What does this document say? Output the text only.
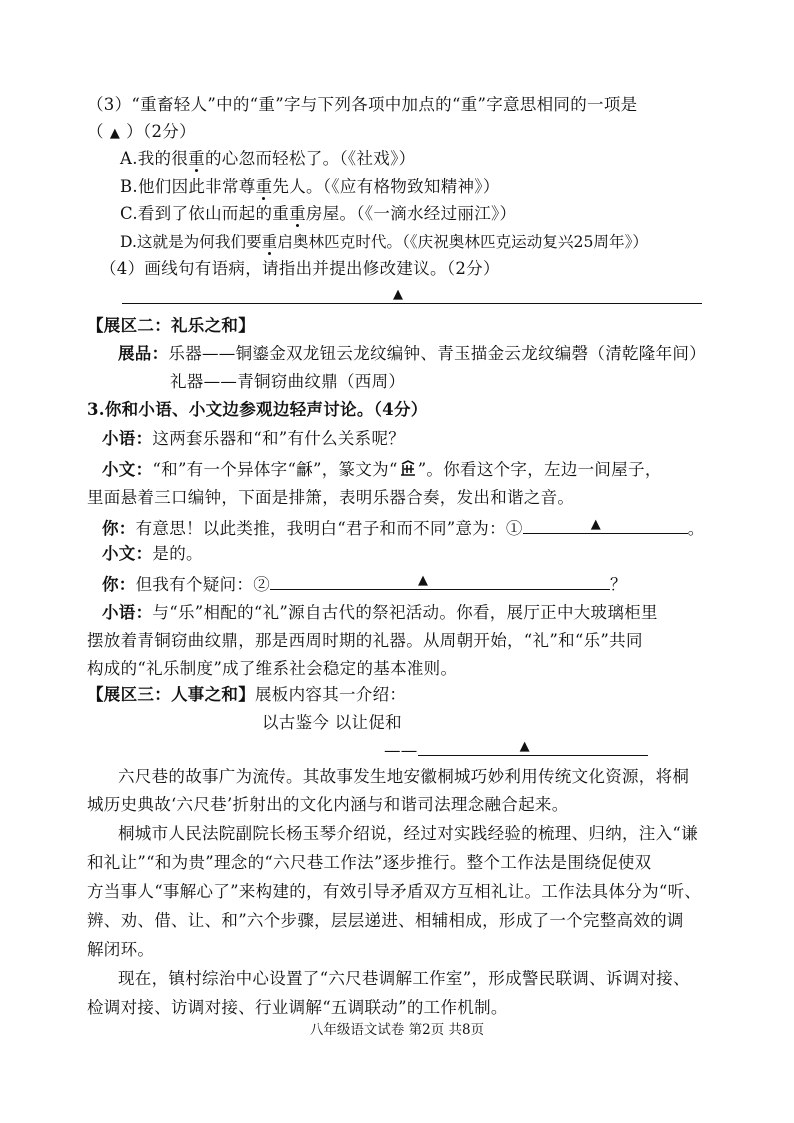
（3）“重畜轻人”中的“重”字与下列各项中加点的“重”字意思相同的一项是
（ ▲ ）（2分）
A.我的很重的心忽而轻松了。（《社戏》）
B.他们因此非常尊重先人。（《应有格物致知精神》）
C.看到了依山而起的重重房屋。（《一滴水经过丽江》）
D.这就是为何我们要重启奥林匹克时代。（《庆祝奥林匹克运动复兴25周年》）
（4）画线句有语病，请指出并提出修改建议。（2分）
▲
【展区二：礼乐之和】
展品：乐器——铜鎏金双龙钮云龙纹编钟、青玉描金云龙纹编磬（清乾隆年间）
礼器——青铜窃曲纹鼎（西周）
3.你和小语、小文边参观边轻声讨论。（4分）
小语：这两套乐器和“和”有什么关系呢？
小文：“和”有一个异体字“龢”，篆文为“ ”。你看这个字，左边一间屋子，
里面悬着三口编钟，下面是排箫，表明乐器合奏，发出和谐之音。
你：有意思！以此类推，我明白“君子和而不同”意为：①	▲	。
小文：是的。
你：但我有个疑问：②	▲	？
小语：与“乐”相配的“礼”源自古代的祭祀活动。你看，展厅正中大玻璃柜里
摆放着青铜窃曲纹鼎，那是西周时期的礼器。从周朝开始，“礼”和“乐”共同
构成的“礼乐制度”成了维系社会稳定的基本准则。
【展区三：人事之和】展板内容其一介绍：
以古鉴今 以让促和
——	▲
六尺巷的故事广为流传。其故事发生地安徽桐城巧妙利用传统文化资源，将桐
城历史典故‘六尺巷’折射出的文化内涵与和谐司法理念融合起来。
桐城市人民法院副院长杨玉琴介绍说，经过对实践经验的梳理、归纳，注入“谦
和礼让”“和为贵”理念的“六尺巷工作法”逐步推行。整个工作法是围绕促使双
方当事人“事解心了”来构建的，有效引导矛盾双方互相礼让。工作法具体分为“听、
辨、劝、借、让、和”六个步骤，层层递进、相辅相成，形成了一个完整高效的调
解闭环。
现在，镇村综治中心设置了“六尺巷调解工作室”，形成警民联调、诉调对接、
检调对接、访调对接、行业调解“五调联动”的工作机制。
八年级语文试卷 第2页 共8页
